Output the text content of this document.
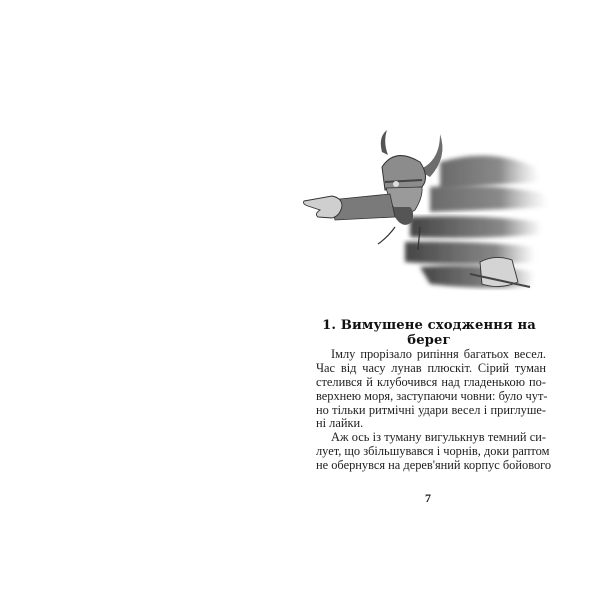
1. Вимушене сходження на берег
Імлу прорізало рипіння багатьох весел.
Час від часу лунав плюскіт. Сірий туман
стелився й клубочився над гладенькою по-
верхнею моря, заступаючи човни: було чут-
но тільки ритмічні удари весел і приглуше-
ні лайки.
Аж ось із туману вигулькнув темний си-
лует, що збільшувався і чорнів, доки раптом
не обернувся на дерев'яний корпус бойового
7
